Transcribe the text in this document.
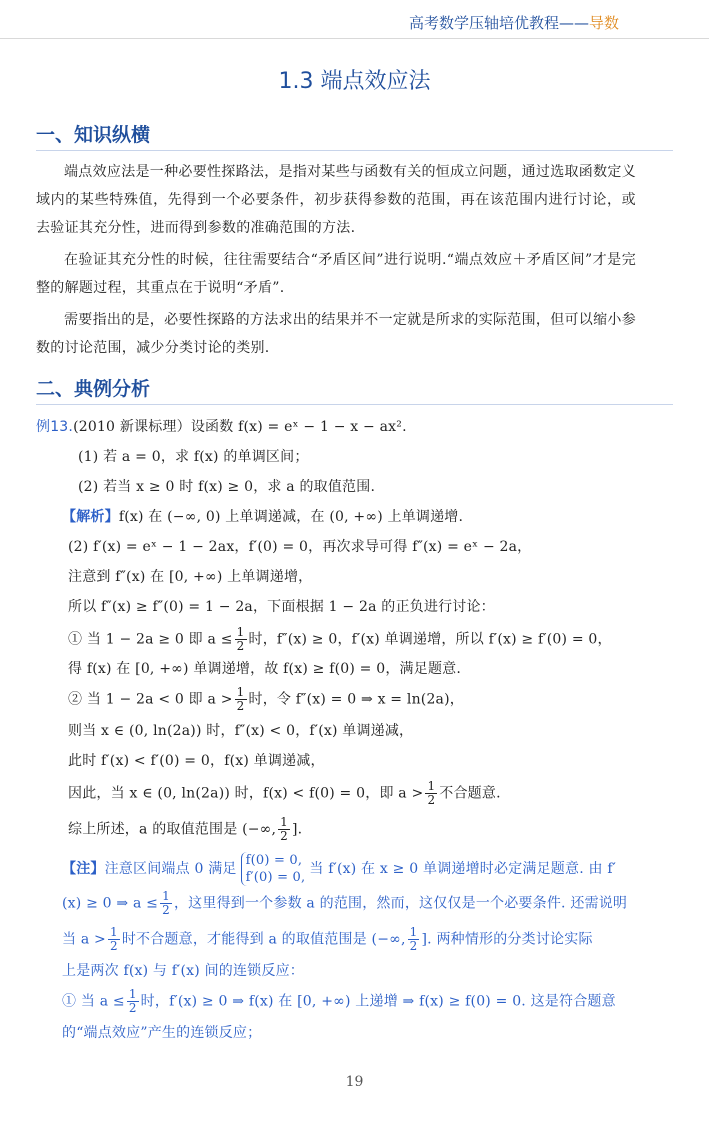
高考数学压轴培优教程——导数
1.3 端点效应法
一、知识纵横
端点效应法是一种必要性探路法，是指对某些与函数有关的恒成立问题，通过选取函数定义域内的某些特殊值，先得到一个必要条件，初步获得参数的范围，再在该范围内进行讨论，或去验证其充分性，进而得到参数的准确范围的方法.
在验证其充分性的时候，往往需要结合“矛盾区间”进行说明.“端点效应＋矛盾区间”才是完整的解题过程，其重点在于说明“矛盾”.
需要指出的是，必要性探路的方法求出的结果并不一定就是所求的实际范围，但可以缩小参数的讨论范围，减少分类讨论的类别.
二、典例分析
例13.(2010 新课标理）设函数 f(x) = eˣ − 1 − x − ax².
(1) 若 a = 0，求 f(x) 的单调区间；
(2) 若当 x ≥ 0 时 f(x) ≥ 0，求 a 的取值范围.
【解析】f(x) 在 (−∞, 0) 上单调递减，在 (0, +∞) 上单调递增.
(2) f′(x) = eˣ − 1 − 2ax，f′(0) = 0，再次求导可得 f″(x) = eˣ − 2a，
注意到 f″(x) 在 [0, +∞) 上单调递增，
所以 f″(x) ≥ f″(0) = 1 − 2a，下面根据 1 − 2a 的正负进行讨论：
① 当 1 − 2a ≥ 0 即 $a \le \frac{1}{2}$ 时，f″(x) ≥ 0，f′(x) 单调递增，所以 f′(x) ≥ f′(0) = 0，
得 f(x) 在 [0, +∞) 单调递增，故 f(x) ≥ f(0) = 0，满足题意.
② 当 1 − 2a < 0 即 $a > \frac{1}{2}$ 时，令 f″(x) = 0 ⇒ x = ln(2a)，
则当 x ∈ (0, ln(2a)) 时，f″(x) < 0，f′(x) 单调递减，
此时 f′(x) < f′(0) = 0，f(x) 单调递减，
因此，当 x ∈ (0, ln(2a)) 时，f(x) < f(0) = 0，即 $a > \frac{1}{2}$ 不合题意.
综上所述，a 的取值范围是 (−∞, $\frac{1}{2}$ ].
【注】注意区间端点 0 满足
f(0) = 0,
f′(0) = 0,
当 f′(x) 在 x ≥ 0 单调递增时必定满足题意. 由 f′
(x) ≥ 0 ⇒ $a \le \frac{1}{2}$ ，这里得到一个参数 a 的范围，然而，这仅仅是一个必要条件. 还需说明
当 $a > \frac{1}{2}$ 时不合题意，才能得到 a 的取值范围是 (−∞, $\frac{1}{2}$ ]. 两种情形的分类讨论实际
上是两次 f(x) 与 f′(x) 间的连锁反应：
① 当 $a \le \frac{1}{2}$ 时，f′(x) ≥ 0 ⇒ f(x) 在 [0, +∞) 上递增 ⇒ f(x) ≥ f(0) = 0. 这是符合题意
的“端点效应”产生的连锁反应；
19
